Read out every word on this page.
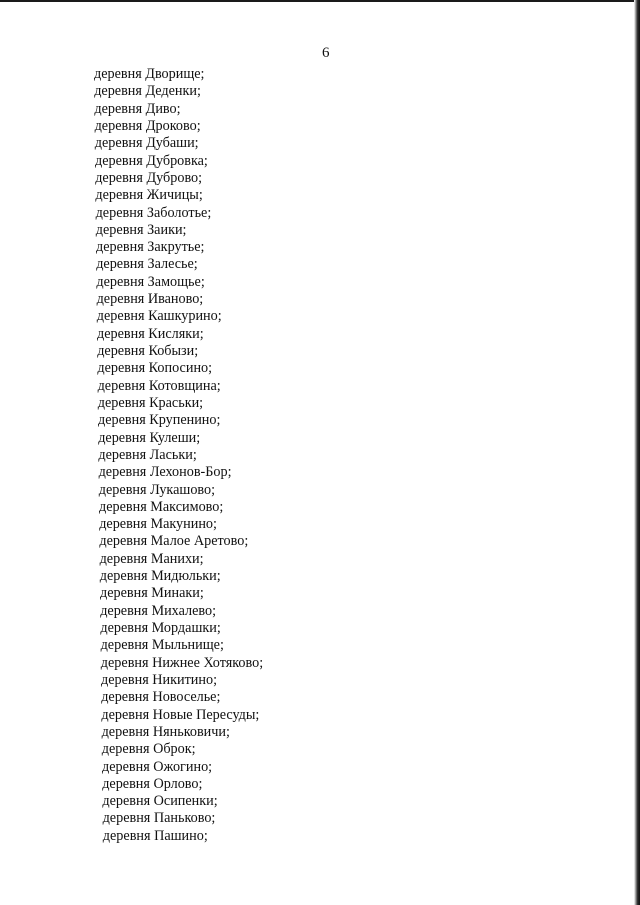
6
деревня Дворище;
деревня Деденки;
деревня Диво;
деревня Дроково;
деревня Дубаши;
деревня Дубровка;
деревня Дуброво;
деревня Жичицы;
деревня Заболотье;
деревня Заики;
деревня Закрутье;
деревня Залесье;
деревня Замощье;
деревня Иваново;
деревня Кашкурино;
деревня Кисляки;
деревня Кобызи;
деревня Копосино;
деревня Котовщина;
деревня Краськи;
деревня Крупенино;
деревня Кулеши;
деревня Ласьки;
деревня Лехонов-Бор;
деревня Лукашово;
деревня Максимово;
деревня Макунино;
деревня Малое Аретово;
деревня Манихи;
деревня Мидюльки;
деревня Минаки;
деревня Михалево;
деревня Мордашки;
деревня Мыльнище;
деревня Нижнее Хотяково;
деревня Никитино;
деревня Новоселье;
деревня Новые Пересуды;
деревня Няньковичи;
деревня Оброк;
деревня Ожогино;
деревня Орлово;
деревня Осипенки;
деревня Паньково;
деревня Пашино;
